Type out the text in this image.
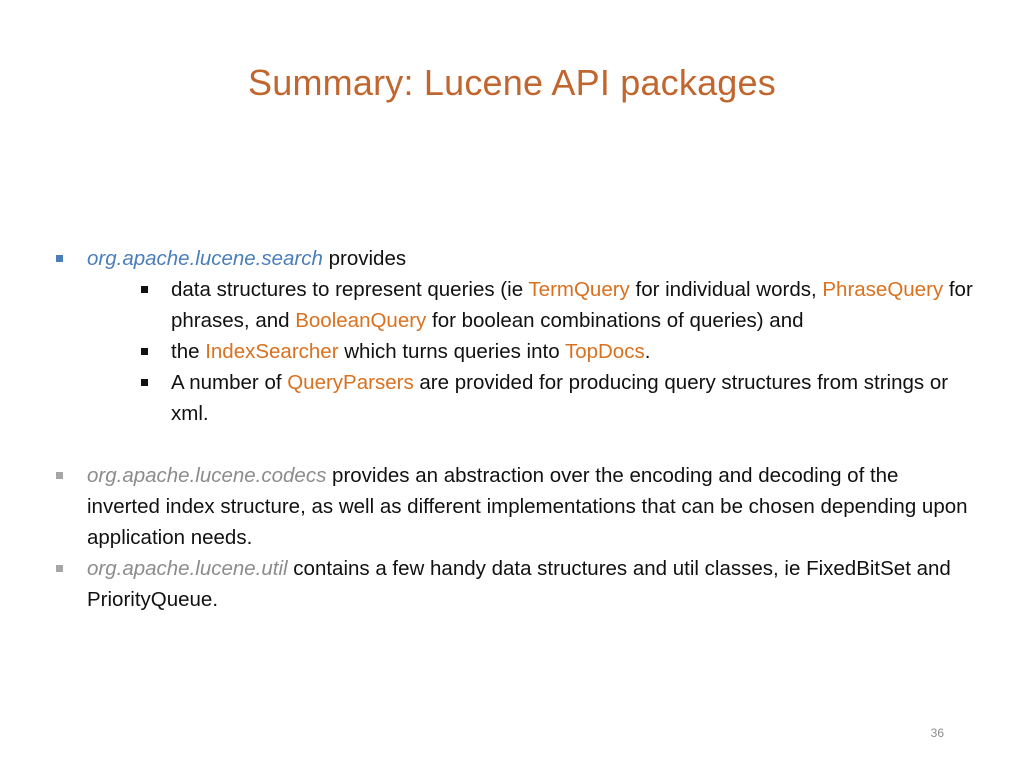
Summary: Lucene API packages
org.apache.lucene.search provides
data structures to represent queries (ie TermQuery for individual words, PhraseQuery for phrases, and BooleanQuery for boolean combinations of queries) and
the IndexSearcher which turns queries into TopDocs.
A number of QueryParsers are provided for producing query structures from strings or xml.
org.apache.lucene.codecs provides an abstraction over the encoding and decoding of the inverted index structure, as well as different implementations that can be chosen depending upon application needs.
org.apache.lucene.util contains a few handy data structures and util classes, ie FixedBitSet and PriorityQueue.
36
